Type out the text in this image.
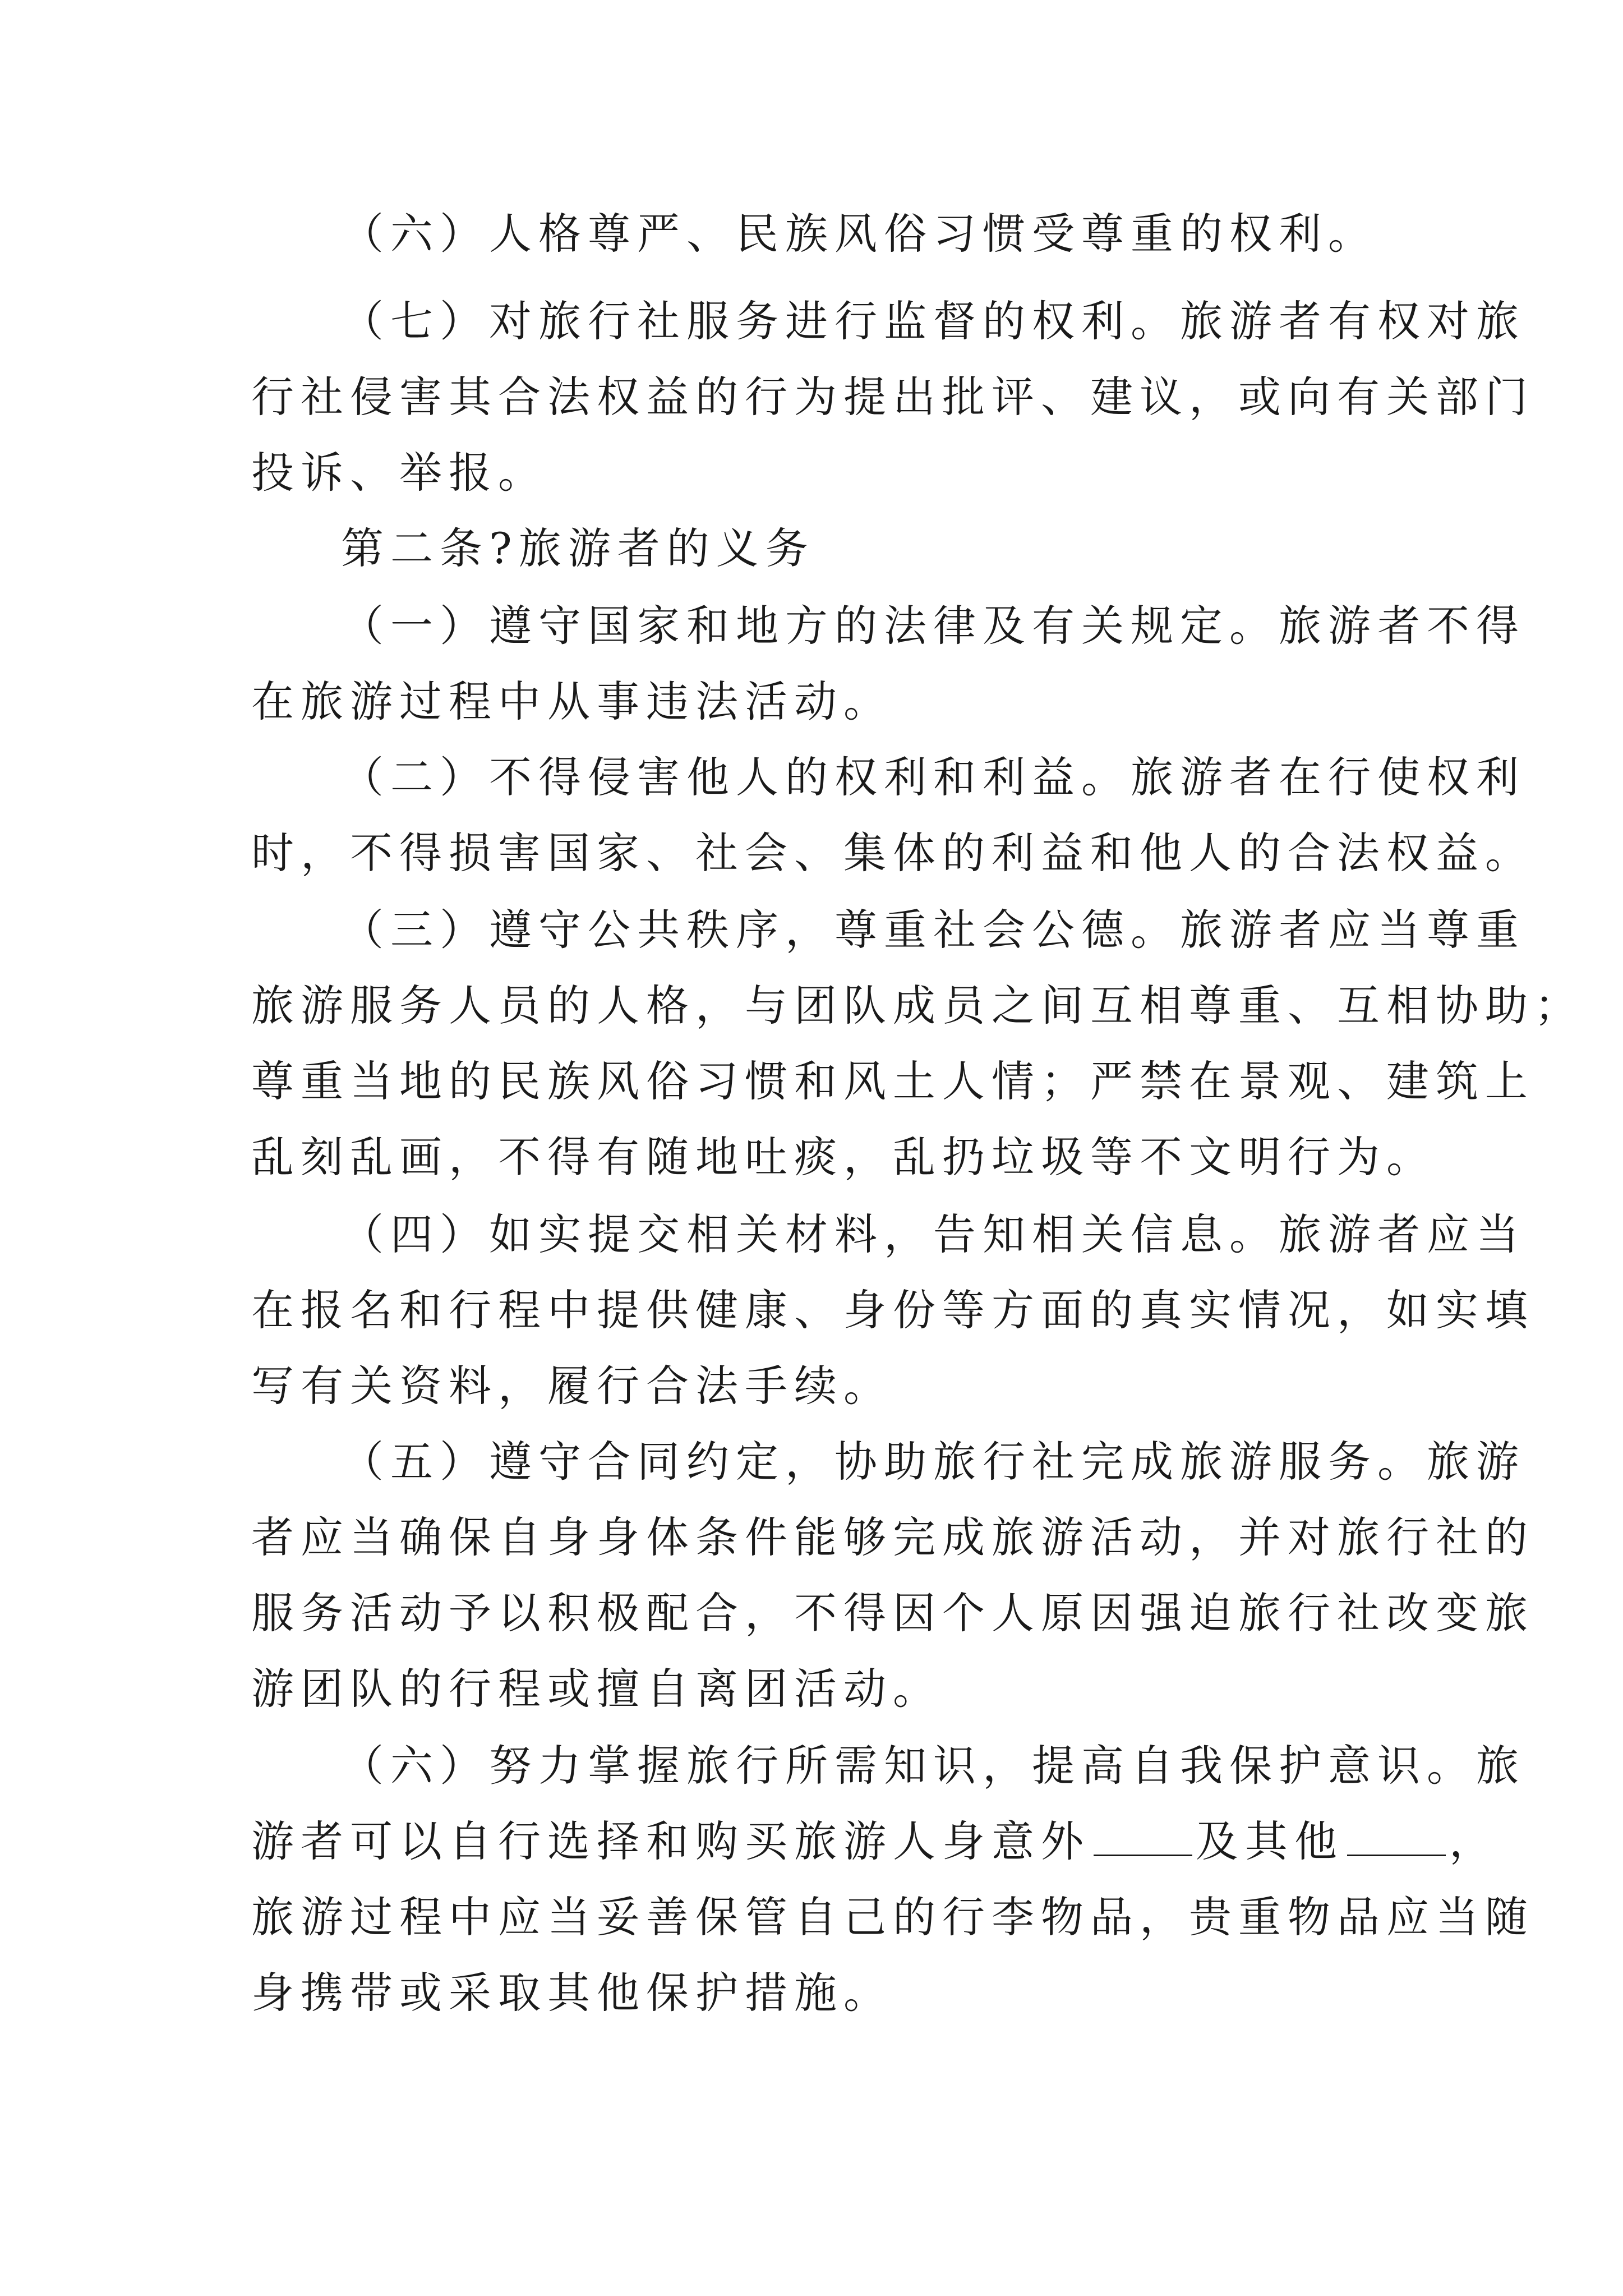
（六）人格尊严、民族风俗习惯受尊重的权利。
（七）对旅行社服务进行监督的权利。旅游者有权对旅
行社侵害其合法权益的行为提出批评、建议，或向有关部门
投诉、举报。
第二条?旅游者的义务
（一）遵守国家和地方的法律及有关规定。旅游者不得
在旅游过程中从事违法活动。
（二）不得侵害他人的权利和利益。旅游者在行使权利
时，不得损害国家、社会、集体的利益和他人的合法权益。
（三）遵守公共秩序，尊重社会公德。旅游者应当尊重
旅游服务人员的人格，与团队成员之间互相尊重、互相协助；
尊重当地的民族风俗习惯和风土人情；严禁在景观、建筑上
乱刻乱画，不得有随地吐痰，乱扔垃圾等不文明行为。
（四）如实提交相关材料，告知相关信息。旅游者应当
在报名和行程中提供健康、身份等方面的真实情况，如实填
写有关资料，履行合法手续。
（五）遵守合同约定，协助旅行社完成旅游服务。旅游
者应当确保自身身体条件能够完成旅游活动，并对旅行社的
服务活动予以积极配合，不得因个人原因强迫旅行社改变旅
游团队的行程或擅自离团活动。
（六）努力掌握旅行所需知识，提高自我保护意识。旅
游者可以自行选择和购买旅游人身意外 及其他 ，
旅游过程中应当妥善保管自己的行李物品，贵重物品应当随
身携带或采取其他保护措施。
